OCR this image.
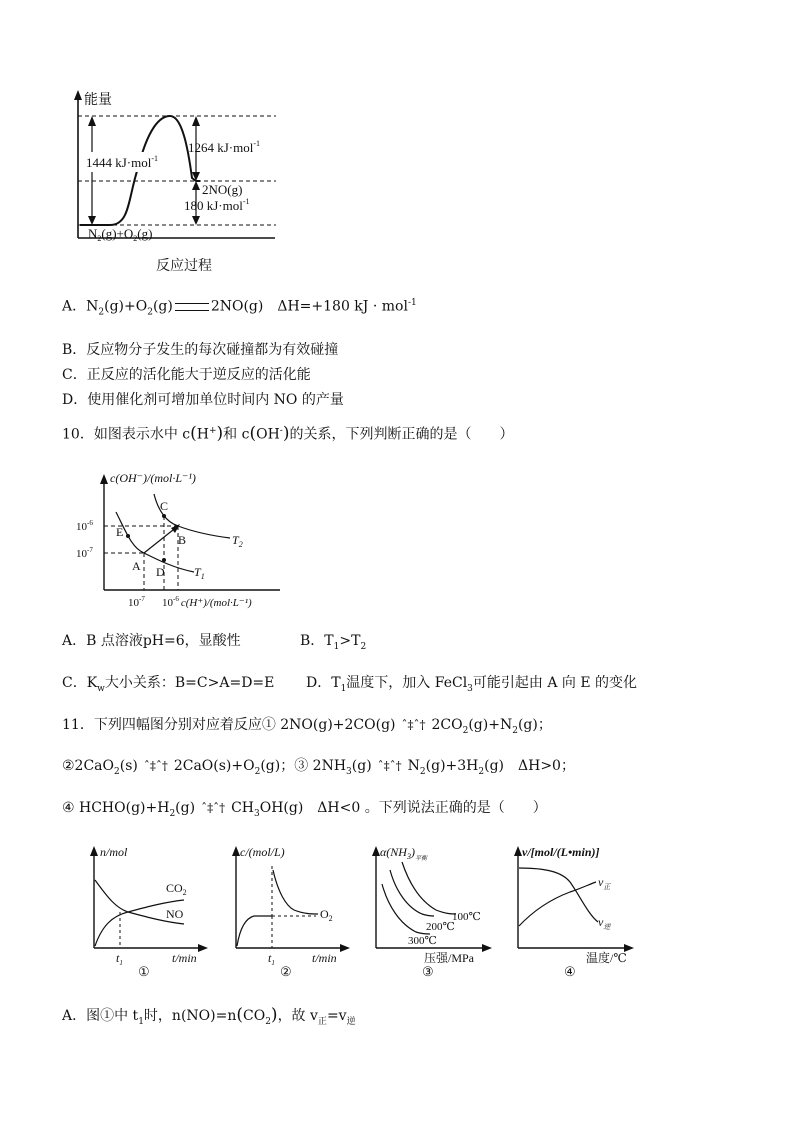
能量
反应过程
1444 kJ·mol$^{-1}$
1264 kJ·mol$^{-1}$
2NO(g)
180 kJ·mol$^{-1}$
$N_2(g)+O_2(g)$
A．$N_2(g)+O_2(g)$	2NO(g)　ΔH=+180 kJ · mol$^{-1}$
B．反应物分子发生的每次碰撞都为有效碰撞
C．正反应的活化能大于逆反应的活化能
D．使用催化剂可增加单位时间内 NO 的产量
10．如图表示水中 c(H+)和 c(OH-)的关系，下列判断正确的是（　　）
c(OH⁻)/(mol·L⁻¹)
C
E
B
A D
$T_2$
$T_1$
$10^{-6}$
$10^{-7}$
$10^{-7}$ $10^{-6}$ c(H⁺)/(mol·L⁻¹)
A．B 点溶液pH=6，显酸性	B．$T_1>T_2$
C．$K_w$大小关系：B=C>A=D=E D．$T_1$温度下，加入 FeCl$_3$可能引起由 A 向 E 的变化
11．下列四幅图分别对应着反应① 2NO(g)+2CO(g) ˆ‡ˆ† $2CO_2(g)+N_2(g)$；
②2CaO$_2$(s) ˆ‡ˆ† $2CaO(s)+O_2(g)$；③ $2NH_3(g)$ ˆ‡ˆ† $N_2(g)+3H_2(g)$　ΔH>0；
④ $HCHO(g)+H_2(g)$ ˆ‡ˆ† $CH_3OH(g)$　ΔH<0 。下列说法正确的是（　　）
n/mol
$CO_2$
NO
$t_1$	t/min
①
c/(mol/L)
$O_2$
$t_1$	t/min
②
$\alpha(NH_3)_{平衡}$
100℃
200℃
300℃
压强/MPa
③
v/[mol/(L•min)]
$v_正$
$v_逆$
温度/℃
④
A．图①中 $t_1$时，$n(NO)=n(CO_2)$，故 $v_正=v_逆$
